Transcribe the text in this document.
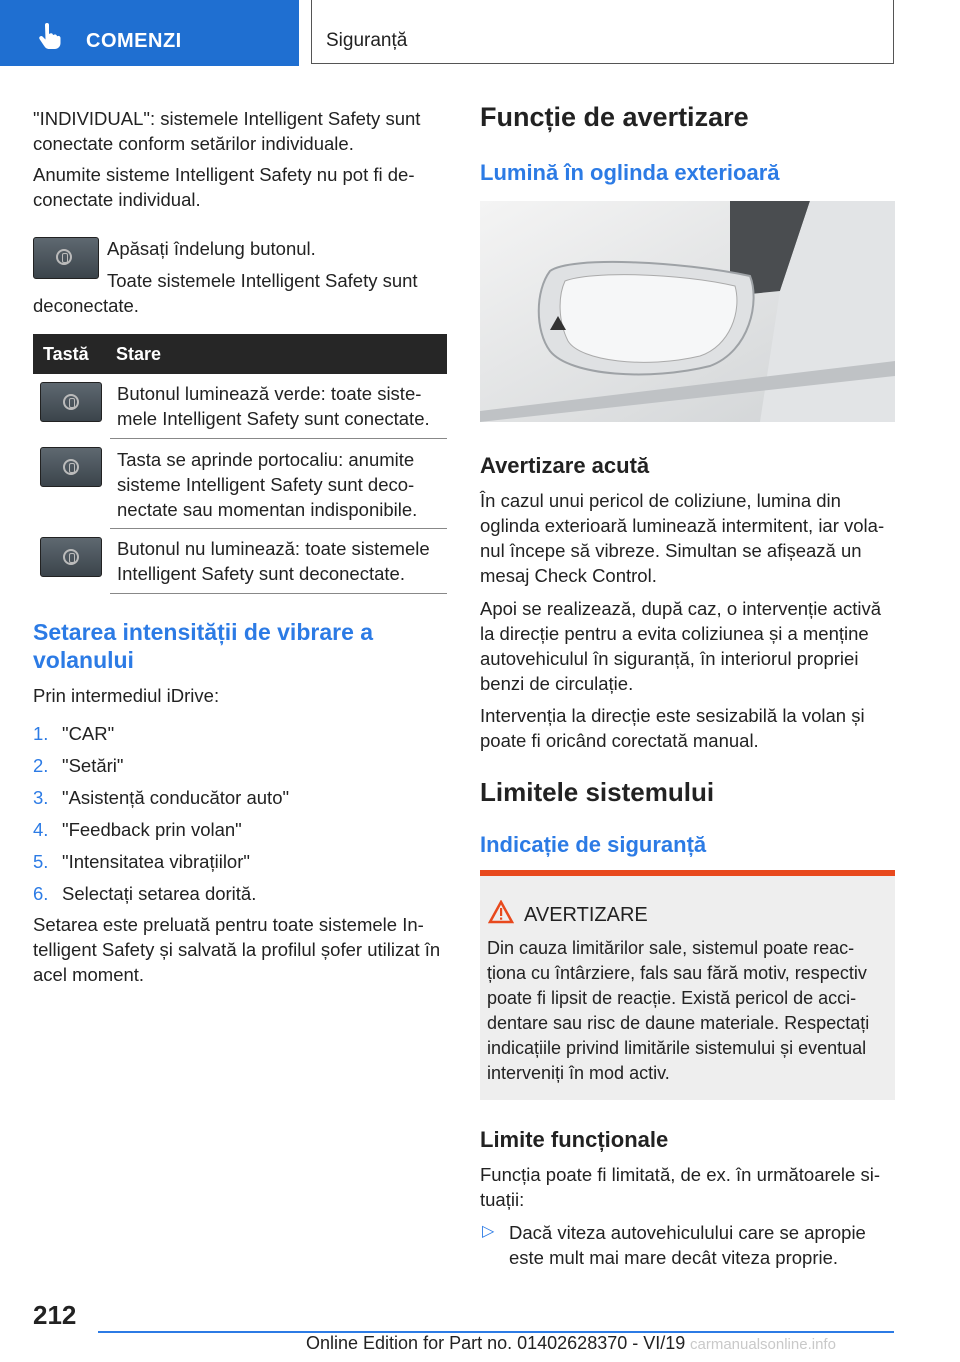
COMENZI	Siguranță

"INDIVIDUAL": sistemele Intelligent Safety sunt conectate conform setărilor individuale.

Anumite sisteme Intelligent Safety nu pot fi de-conectate individual.

Apăsați îndelung butonul.

Toate sistemele Intelligent Safety sunt deconectate.

Tastă Stare

Butonul luminează verde: toate siste-mele Intelligent Safety sunt conectate.

Tasta se aprinde portocaliu: anumite sisteme Intelligent Safety sunt deco-nectate sau momentan indisponibile.

Butonul nu luminează: toate sistemele Intelligent Safety sunt deconectate.

Setarea intensității de vibrare a volanului

Prin intermediul iDrive:

1. "CAR"
2. "Setări"
3. "Asistență conducător auto"
4. "Feedback prin volan"
5. "Intensitatea vibrațiilor"
6. Selectați setarea dorită.

Setarea este preluată pentru toate sistemele In-telligent Safety și salvată la profilul șofer utilizat în acel moment.

Funcție de avertizare
Lumină în oglinda exterioară
Avertizare acută

În cazul unui pericol de coliziune, lumina din oglinda exterioară luminează intermitent, iar vola-nul începe să vibreze. Simultan se afișează un mesaj Check Control.

Apoi se realizează, după caz, o intervenție activă la direcție pentru a evita coliziunea și a menține autovehiculul în siguranță, în interiorul propriei benzi de circulație.

Intervenția la direcție este sesizabilă la volan și poate fi oricând corectată manual.

Limitele sistemului
Indicație de siguranță
AVERTIZARE

Din cauza limitărilor sale, sistemul poate reac-ționa cu întârziere, fals sau fără motiv, respectiv poate fi lipsit de reacție. Există pericol de acci-dentare sau risc de daune materiale. Respectați indicațiile privind limitările sistemului și eventual interveniți în mod activ.

Limite funcționale

Funcția poate fi limitată, de ex. în următoarele si-tuații:

▷ Dacă viteza autovehiculului care se apropie este mult mai mare decât viteza proprie.

212
Online Edition for Part no. 01402628370 - VI/19 carmanualsonline.info
